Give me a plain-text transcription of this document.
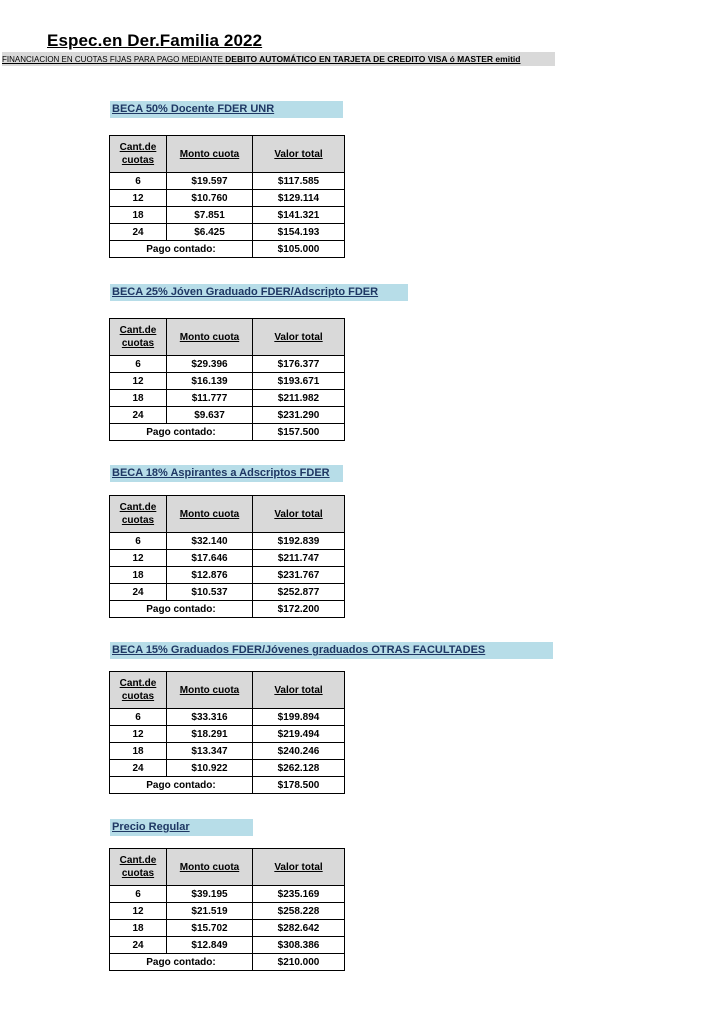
Espec.en Der.Familia 2022
FINANCIACION EN CUOTAS FIJAS PARA PAGO MEDIANTE DEBITO AUTOMÁTICO EN TARJETA DE CREDITO VISA ó MASTER emitid
BECA 50% Docente FDER UNR
Cant.de cuotas	Monto cuota	Valor total
6	$19.597	$117.585
12	$10.760	$129.114
18	$7.851	$141.321
24	$6.425	$154.193
Pago contado:		$105.000
BECA 25% Jóven Graduado FDER/Adscripto FDER
Cant.de cuotas	Monto cuota	Valor total
6	$29.396	$176.377
12	$16.139	$193.671
18	$11.777	$211.982
24	$9.637	$231.290
Pago contado:		$157.500
BECA 18% Aspirantes a Adscriptos FDER
Cant.de cuotas	Monto cuota	Valor total
6	$32.140	$192.839
12	$17.646	$211.747
18	$12.876	$231.767
24	$10.537	$252.877
Pago contado:		$172.200
BECA 15% Graduados FDER/Jóvenes graduados OTRAS FACULTADES
Cant.de cuotas	Monto cuota	Valor total
6	$33.316	$199.894
12	$18.291	$219.494
18	$13.347	$240.246
24	$10.922	$262.128
Pago contado:		$178.500
Precio Regular
Cant.de cuotas	Monto cuota	Valor total
6	$39.195	$235.169
12	$21.519	$258.228
18	$15.702	$282.642
24	$12.849	$308.386
Pago contado:		$210.000
